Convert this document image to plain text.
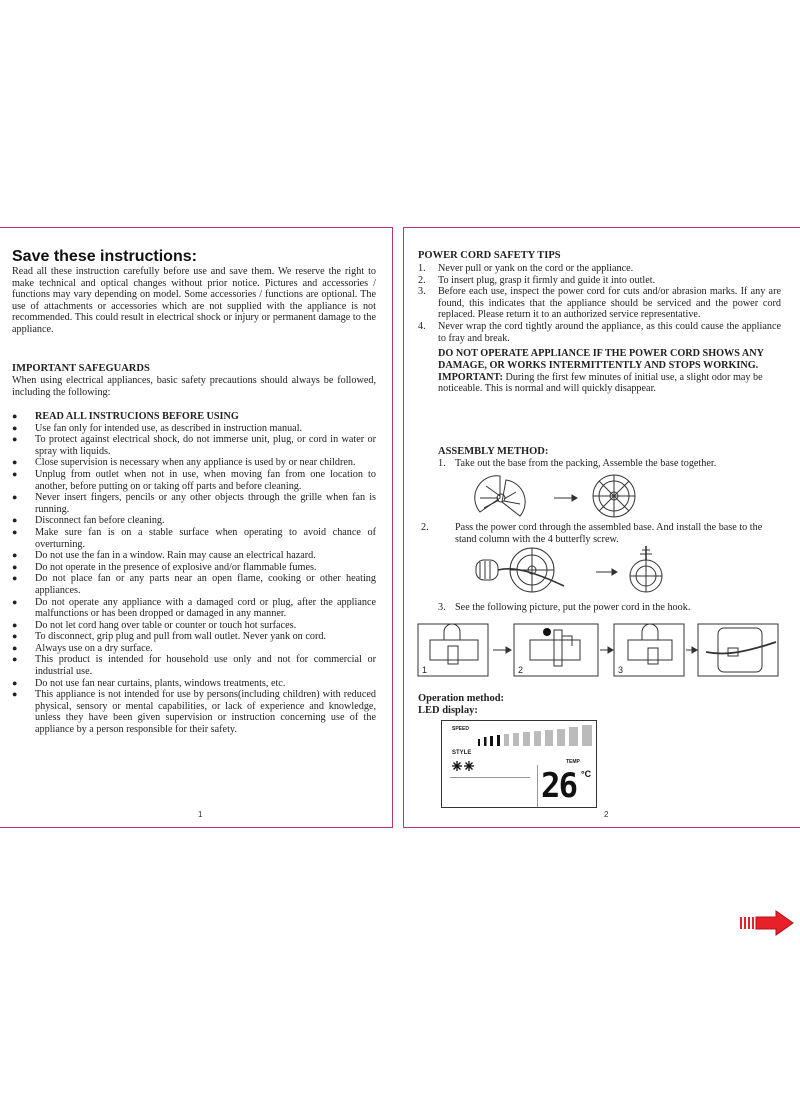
Save these instructions:

Read all these instruction carefully before use and save them. We reserve the right to make technical and optical changes without prior notice. Pictures and accessories / functions may vary depending on model. Some accessories / functions are optional. The use of attachments or accessories which are not supplied with the appliance is not recommended. This could result in electrical shock or injury or permanent damage to the appliance.

IMPORTANT SAFEGUARDS

When using electrical appliances, basic safety precautions should always be followed, including the following:

● READ ALL INSTRUCIONS BEFORE USING
● Use fan only for intended use, as described in instruction manual.
● To protect against electrical shock, do not immerse unit, plug, or cord in water or spray with liquids.
● Close supervision is necessary when any appliance is used by or near children.
● Unplug from outlet when not in use, when moving fan from one location to another, before putting on or taking off parts and before cleaning.
● Never insert fingers, pencils or any other objects through the grille when fan is running.
● Disconnect fan before cleaning.
● Make sure fan is on a stable surface when operating to avoid chance of overturning.
● Do not use the fan in a window. Rain may cause an electrical hazard.
● Do not operate in the presence of explosive and/or flammable fumes.
● Do not place fan or any parts near an open flame, cooking or other heating appliances.
● Do not operate any appliance with a damaged cord or plug, after the appliance malfunctions or has been dropped or damaged in any manner.
● Do not let cord hang over table or counter or touch hot surfaces.
● To disconnect, grip plug and pull from wall outlet. Never yank on cord.
● Always use on a dry surface.
● This product is intended for household use only and not for commercial or industrial use.
● Do not use fan near curtains, plants, windows treatments, etc.
● This appliance is not intended for use by persons(including children) with reduced physical, sensory or mental capabilities, or lack of experience and knowledge, unless they have been given supervision or instruction concerning use of the appliance by a person responsible for their safety.
1

POWER CORD SAFETY TIPS

1. Never pull or yank on the cord or the appliance.
2. To insert plug, grasp it firmly and guide it into outlet.
3. Before each use, inspect the power cord for cuts and/or abrasion marks. If any are found, this indicates that the appliance should be serviced and the power cord replaced. Please return it to an authorized service representative.
4. Never wrap the cord tightly around the appliance, as this could cause the appliance to fray and break.

DO NOT OPERATE APPLIANCE IF THE POWER CORD SHOWS ANY DAMAGE, OR WORKS INTERMITTENTLY AND STOPS WORKING.
IMPORTANT: During the first few minutes of initial use, a slight odor may be noticeable. This is normal and will quickly disappear.

ASSEMBLY METHOD:

1. Take out the base from the packing, Assemble the base together.

2.	Pass the power cord through the assembled base. And install the base to the stand column with the 4 butterfly screw.

3. See the following picture, put the power cord in the hook.

1	2	3

Operation method:

LED display:

SPEED
STYLE
TEMP
26 °C
2
